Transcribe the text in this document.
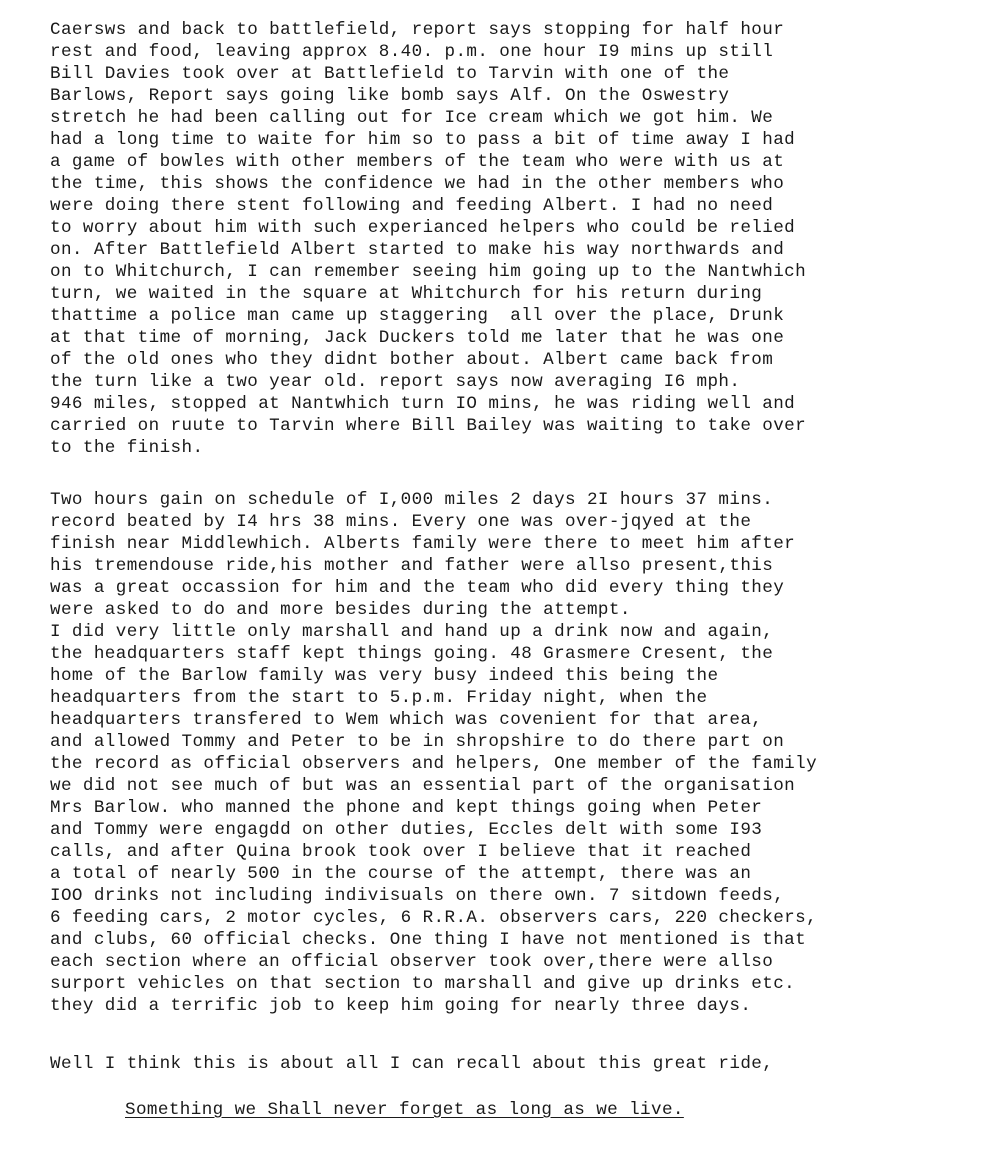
Caersws and back to battlefield, report says stopping for half hour
rest and food, leaving approx 8.40. p.m. one hour I9 mins up still
Bill Davies took over at Battlefield to Tarvin with one of the
Barlows, Report says going like bomb says Alf. On the Oswestry
stretch he had been calling out for Ice cream which we got him. We
had a long time to waite for him so to pass a bit of time away I had
a game of bowles with other members of the team who were with us at
the time, this shows the confidence we had in the other members who
were doing there stent following and feeding Albert. I had no need
to worry about him with such experianced helpers who could be relied
on. After Battlefield Albert started to make his way northwards and
on to Whitchurch, I can remember seeing him going up to the Nantwhich
turn, we waited in the square at Whitchurch for his return during
thattime a police man came up staggering  all over the place, Drunk
at that time of morning, Jack Duckers told me later that he was one
of the old ones who they didnt bother about. Albert came back from
the turn like a two year old. report says now averaging I6 mph.
946 miles, stopped at Nantwhich turn IO mins, he was riding well and
carried on ruute to Tarvin where Bill Bailey was waiting to take over
to the finish.
Two hours gain on schedule of I,000 miles 2 days 2I hours 37 mins.
record beated by I4 hrs 38 mins. Every one was over-jqyed at the
finish near Middlewhich. Alberts family were there to meet him after
his tremendouse ride,his mother and father were allso present,this
was a great occassion for him and the team who did every thing they
were asked to do and more besides during the attempt.
I did very little only marshall and hand up a drink now and again,
the headquarters staff kept things going. 48 Grasmere Cresent, the
home of the Barlow family was very busy indeed this being the
headquarters from the start to 5.p.m. Friday night, when the
headquarters transfered to Wem which was covenient for that area,
and allowed Tommy and Peter to be in shropshire to do there part on
the record as official observers and helpers, One member of the family
we did not see much of but was an essential part of the organisation
Mrs Barlow. who manned the phone and kept things going when Peter
and Tommy were engagdd on other duties, Eccles delt with some I93
calls, and after Quina brook took over I believe that it reached
a total of nearly 500 in the course of the attempt, there was an
IOO drinks not including indivisuals on there own. 7 sitdown feeds,
6 feeding cars, 2 motor cycles, 6 R.R.A. observers cars, 220 checkers,
and clubs, 60 official checks. One thing I have not mentioned is that
each section where an official observer took over,there were allso
surport vehicles on that section to marshall and give up drinks etc.
they did a terrific job to keep him going for nearly three days.
Well I think this is about all I can recall about this great ride,
Something we Shall never forget as long as we live.
